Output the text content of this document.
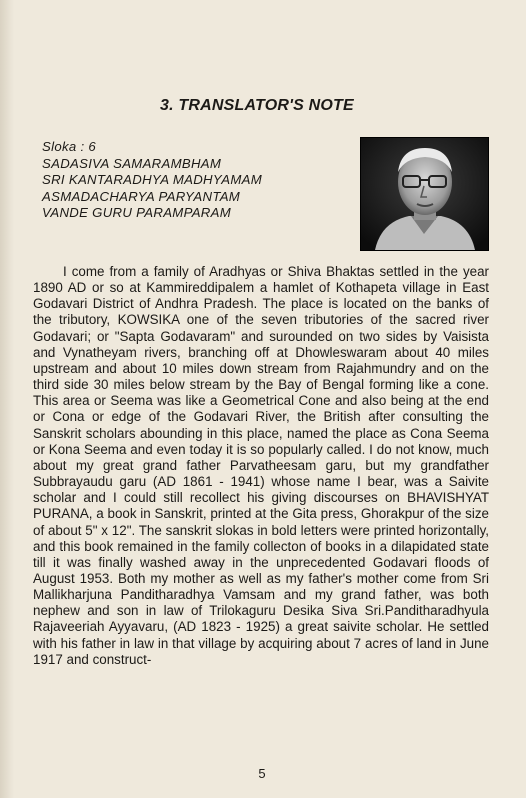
3. TRANSLATOR'S NOTE
Sloka : 6
SADASIVA SAMARAMBHAM
SRI KANTARADHYA MADHYAMAM
ASMADACHARYA PARYANTAM
VANDE GURU PARAMPARAM

I come from a family of Aradhyas or Shiva Bhaktas settled in the year 1890 AD or so at Kammireddipalem a hamlet of Kothapeta village in East Godavari District of Andhra Pradesh. The place is located on the banks of the tributory, KOWSIKA one of the seven tributories of the sacred river Godavari; or "Sapta Godavaram" and surounded on two sides by Vaisista and Vynatheyam rivers, branching off at Dhowleswaram about 40 miles upstream and about 10 miles down stream from Rajahmundry and on the third side 30 miles below stream by the Bay of Bengal forming like a cone. This area or Seema was like a Geometrical Cone and also being at the end or Cona or edge of the Godavari River, the British after consulting the Sanskrit scholars abounding in this place, named the place as Cona Seema or Kona Seema and even today it is so popularly called. I do not know, much about my great grand father Parvatheesam garu, but my grandfather Subbrayaudu garu (AD 1861 - 1941) whose name I bear, was a Saivite scholar and I could still recollect his giving discourses on BHAVISHYAT PURANA, a book in Sanskrit, printed at the Gita press, Ghorakpur of the size of about 5" x 12". The sanskrit slokas in bold letters were printed horizontally, and this book remained in the family collecton of books in a dilapidated state till it was finally washed away in the unprecedented Godavari floods of August 1953. Both my mother as well as my father's mother come from Sri Mallikharjuna Panditharadhya Vamsam and my grand father, was both nephew and son in law of Trilokaguru Desika Siva Sri.Panditharadhyula Rajaveeriah Ayyavaru, (AD 1823 - 1925) a great saivite scholar. He settled with his father in law in that village by acquiring about 7 acres of land in June 1917 and construct-

5
